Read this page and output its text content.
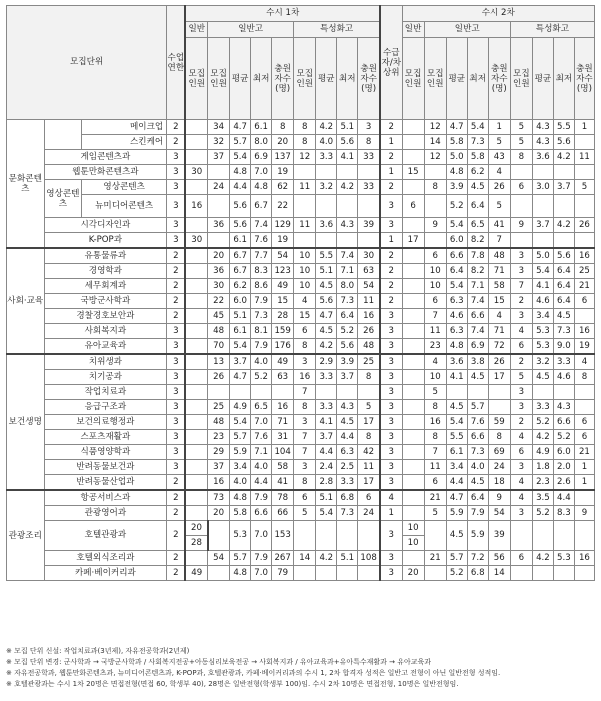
모집단위			수업연한	수시 1차									수급자/차상위	수시 2차								
				일반	일반고				특성화고					일반	일반고				특성화고			
				모집인원	모집인원	평균	최저	충원자수(명)	모집인원	평균	최저	충원자수(명)		모집인원	모집인원	평균	최저	충원자수(명)	모집인원	평균	최저	충원자수(명)
문화콘텐츠		메이크업	2		34	4.7	6.1	8	8	4.2	5.1	3	2		12	4.7	5.4	1	5	4.3	5.5	1
		스킨케어	2		32	5.7	8.0	20	8	4.0	5.6	8	1		14	5.8	7.3	5	5	4.3	5.6	
	게임콘텐츠과		3		37	5.4	6.9	137	12	3.3	4.1	33	2		12	5.0	5.8	43	8	3.6	4.2	11
	웹툰만화콘텐츠과		3	30		4.8	7.0	19					1	15		4.8	6.2	4				
	영상콘텐츠	영상콘텐츠	3		24	4.4	4.8	62	11	3.2	4.2	33	2		8	3.9	4.5	26	6	3.0	3.7	5
		뉴미디어콘텐츠	3	16		5.6	6.7	22					3	6		5.2	6.4	5				
	시각디자인과		3		36	5.6	7.4	129	11	3.6	4.3	39	3		9	5.4	6.5	41	9	3.7	4.2	26
	K-POP과		3	30		6.1	7.6	19					1	17		6.0	8.2	7				
사회·교육	유통물류과		2		20	6.7	7.7	54	10	5.5	7.4	30	2		6	6.6	7.8	48	3	5.0	5.6	16
	경영학과		2		36	6.7	8.3	123	10	5.1	7.1	63	2		10	6.4	8.2	71	3	5.4	6.4	25
	세무회계과		2		30	6.2	8.6	49	10	4.5	8.0	54	2		10	5.4	7.1	58	7	4.1	6.4	21
	국방군사학과		2		22	6.0	7.9	15	4	5.6	7.3	11	2		6	6.3	7.4	15	2	4.6	6.4	6
	경찰경호보안과		2		45	5.1	7.3	28	15	4.7	6.4	16	3		7	4.6	6.6	4	3	3.4	4.5	
	사회복지과		3		48	6.1	8.1	159	6	4.5	5.2	26	3		11	6.3	7.4	71	4	5.3	7.3	16
	유아교육과		3		70	5.4	7.9	176	8	4.2	5.6	48	3		23	4.8	6.9	72	6	5.3	9.0	19
보건생명	치위생과		3		13	3.7	4.0	49	3	2.9	3.9	25	3		4	3.6	3.8	26	2	3.2	3.3	4
	치기공과		3		26	4.7	5.2	63	16	3.3	3.7	8	3		10	4.1	4.5	17	5	4.5	4.6	8
	작업치료과		3						7				3		5				3			
	응급구조과		3		25	4.9	6.5	16	8	3.3	4.3	5	3		8	4.5	5.7		3	3.3	4.3	
	보건의료행정과		3		48	5.4	7.0	71	3	4.1	4.5	17	3		16	5.4	7.6	59	2	5.2	6.6	6
	스포츠재활과		3		23	5.7	7.6	31	7	3.7	4.4	8	3		8	5.5	6.6	8	4	4.2	5.2	6
	식품영양학과		3		29	5.9	7.1	104	7	4.4	6.3	42	3		7	6.1	7.3	69	6	4.9	6.0	21
	반려동물보건과		3		37	3.4	4.0	58	3	2.4	2.5	11	3		11	3.4	4.0	24	3	1.8	2.0	1
	반려동물산업과		2		16	4.0	4.4	41	8	2.8	3.3	17	3		6	4.4	4.5	18	4	2.3	2.6	1
관광조리	항공서비스과		2		73	4.8	7.9	78	6	5.1	6.8	6	4		21	4.7	6.4	9	4	3.5	4.4	
	관광영어과		2		20	5.8	6.6	66	5	5.4	7.3	24	1		5	5.9	7.9	54	3	5.2	8.3	9
	호텔관광과		2	20		5.3	7.0	153					3	10		4.5	5.9	39				
				28										10								
	호텔외식조리과		2		54	5.7	7.9	267	14	4.2	5.1	108	3		21	5.7	7.2	56	6	4.2	5.3	16
	카페·베이커리과		2	49		4.8	7.0	79					3	20		5.2	6.8	14				
※ 모집 단위 신설: 작업치료과(3년제), 자유전공학과(2년제)
※ 모집 단위 변경: 군사학과 → 국방군사학과 / 사회복지전공+아동심리보육전공 → 사회복지과 / 유아교육과+유아특수재활과 → 유아교육과
※ 자유전공학과, 웹툰만화콘텐츠과, 뉴미디어콘텐츠과, K-POP과, 호텔관광과, 카페·베이커리과의 수시 1, 2차 합격자 성적은 일반고 전형이 아닌 일반전형 성적임.
※ 호텔관광과는 수시 1차 20명은 면접전형(면접 60, 학생부 40), 28명은 일반전형(학생부 100)임. 수시 2차 10명은 면접전형, 10명은 일반전형임.
